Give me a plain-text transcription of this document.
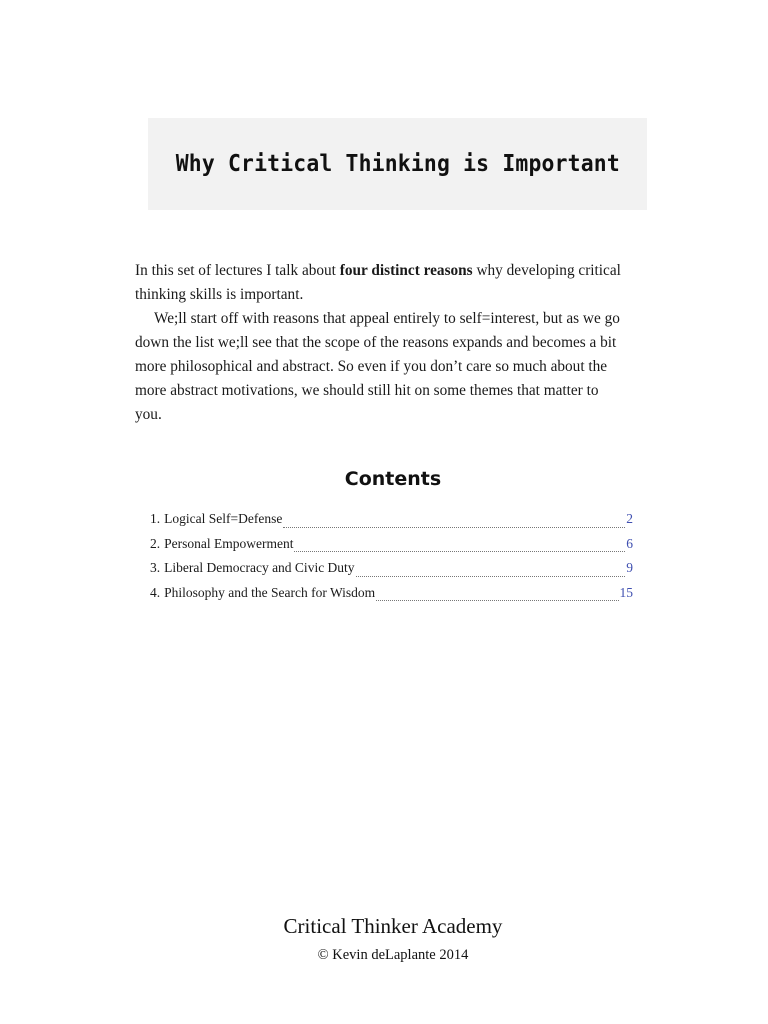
Why Critical Thinking is Important

In this set of lectures I talk about four distinct reasons why developing critical thinking skills is important.

We;ll start off with reasons that appeal entirely to self=interest, but as we go down the list we;ll see that the scope of the reasons expands and becomes a bit more philosophical and abstract. So even if you don’t care so much about the more abstract motivations, we should still hit on some themes that matter to you.

Contents
1. Logical Self=Defense	2
2. Personal Empowerment	6
3. Liberal Democracy and Civic Duty	9
4. Philosophy and the Search for Wisdom	15
Critical Thinker Academy
© Kevin deLaplante 2014
